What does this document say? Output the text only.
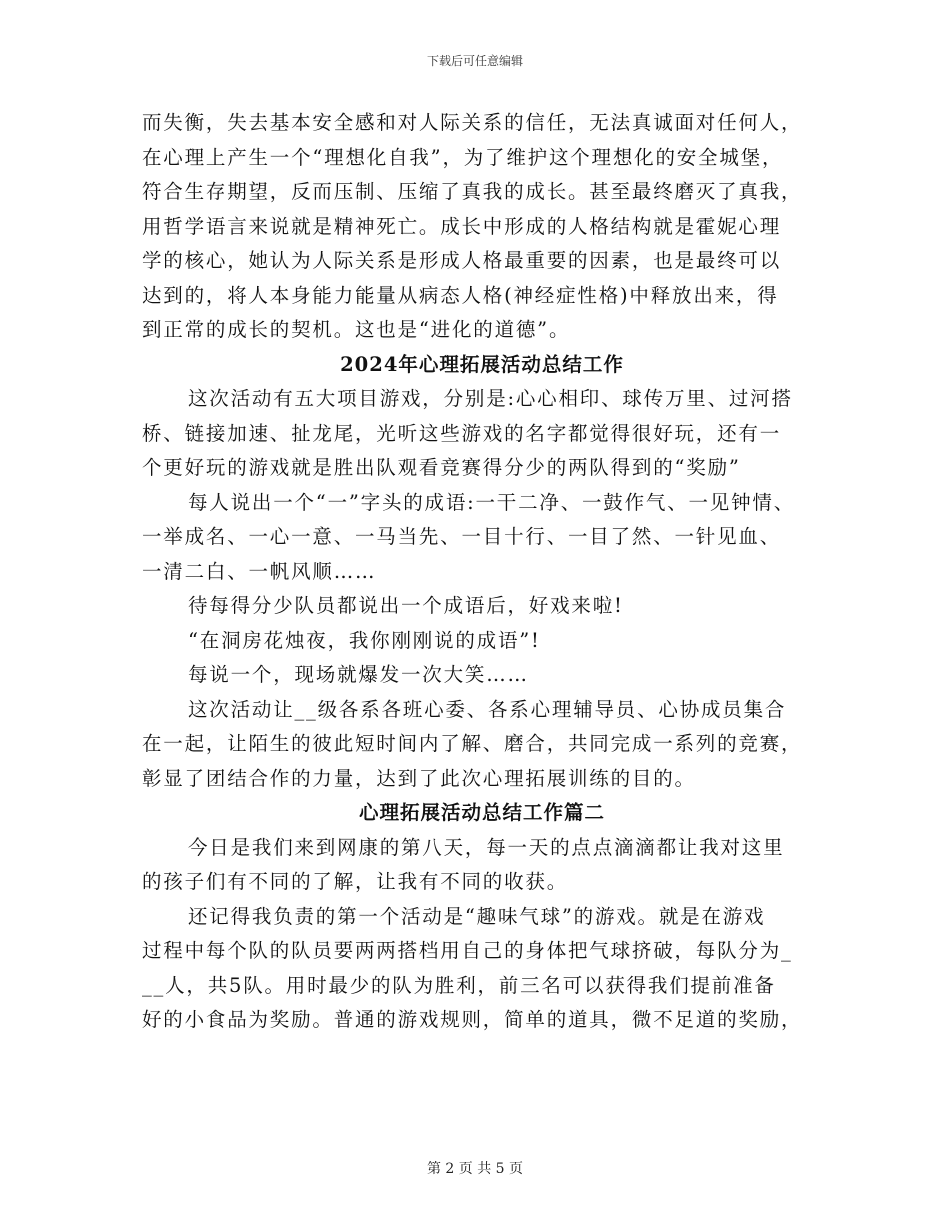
下载后可任意编辑

而失衡，失去基本安全感和对人际关系的信任，无法真诚面对任何人，

在心理上产生一个“理想化自我”，为了维护这个理想化的安全城堡，

符合生存期望，反而压制、压缩了真我的成长。甚至最终磨灭了真我，

用哲学语言来说就是精神死亡。成长中形成的人格结构就是霍妮心理

学的核心，她认为人际关系是形成人格最重要的因素，也是最终可以

达到的，将人本身能力能量从病态人格(神经症性格)中释放出来，得

到正常的成长的契机。这也是“进化的道德”。

2024年心理拓展活动总结工作

这次活动有五大项目游戏，分别是:心心相印、球传万里、过河搭

桥、链接加速、扯龙尾，光听这些游戏的名字都觉得很好玩，还有一

个更好玩的游戏就是胜出队观看竞赛得分少的两队得到的“奖励”

每人说出一个“一”字头的成语:一干二净、一鼓作气、一见钟情、

一举成名、一心一意、一马当先、一目十行、一目了然、一针见血、

一清二白、一帆风顺……

待每得分少队员都说出一个成语后，好戏来啦!

“在洞房花烛夜，我你刚刚说的成语”!

每说一个，现场就爆发一次大笑……

这次活动让__级各系各班心委、各系心理辅导员、心协成员集合

在一起，让陌生的彼此短时间内了解、磨合，共同完成一系列的竞赛，

彰显了团结合作的力量，达到了此次心理拓展训练的目的。

心理拓展活动总结工作篇二

今日是我们来到网康的第八天，每一天的点点滴滴都让我对这里

的孩子们有不同的了解，让我有不同的收获。

还记得我负责的第一个活动是“趣味气球”的游戏。就是在游戏

过程中每个队的队员要两两搭档用自己的身体把气球挤破，每队分为_

__人，共5队。用时最少的队为胜利，前三名可以获得我们提前准备

好的小食品为奖励。普通的游戏规则，简单的道具，微不足道的奖励，

第 2 页 共 5 页
